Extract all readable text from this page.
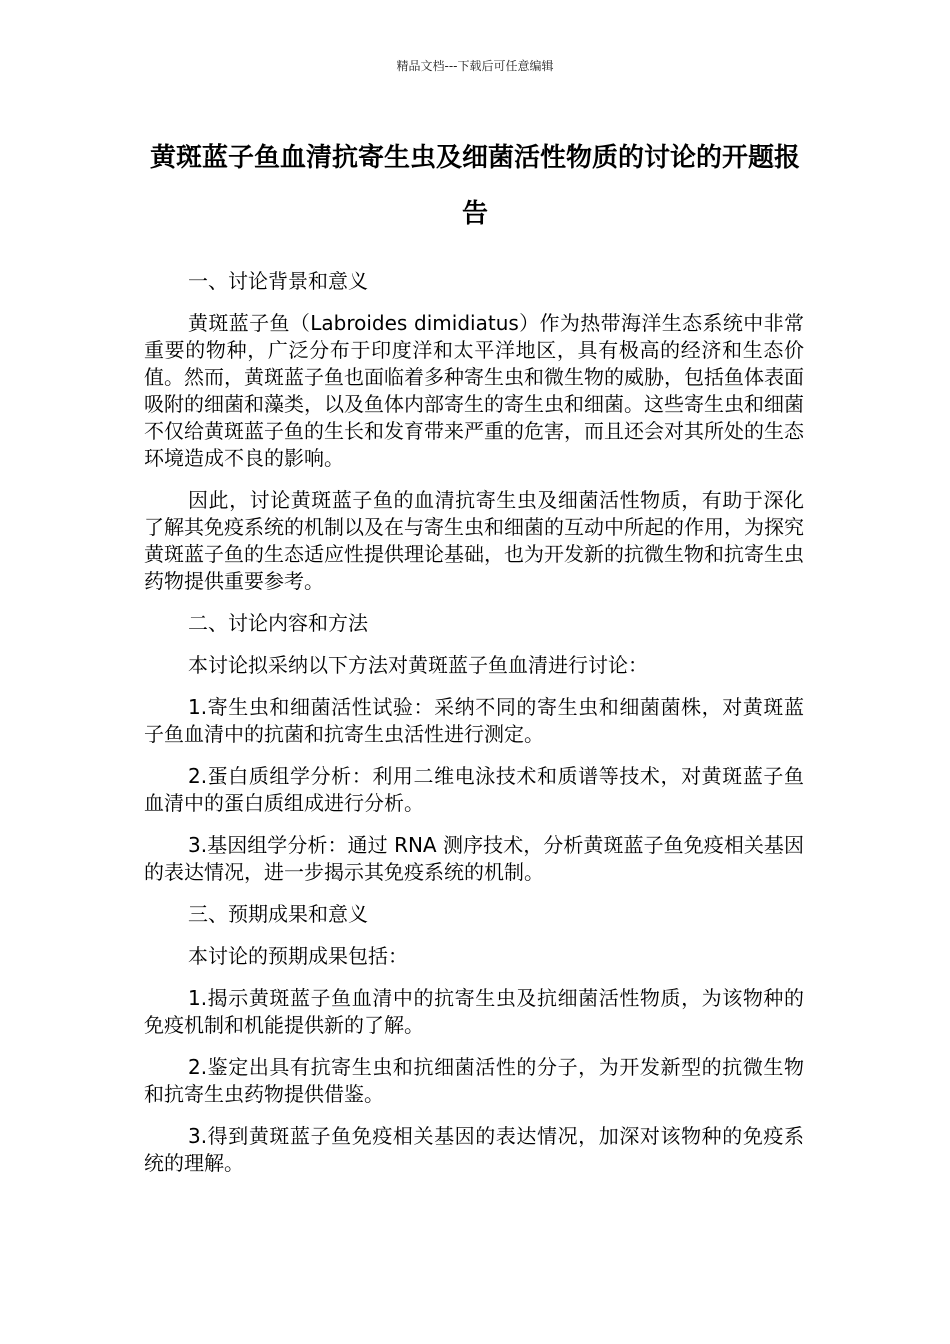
精品文档---下载后可任意编辑
黄斑蓝子鱼血清抗寄生虫及细菌活性物质的讨论的开题报告

一、讨论背景和意义

黄斑蓝子鱼（Labroides dimidiatus）作为热带海洋生态系统中非常重要的物种，广泛分布于印度洋和太平洋地区，具有极高的经济和生态价值。然而，黄斑蓝子鱼也面临着多种寄生虫和微生物的威胁，包括鱼体表面吸附的细菌和藻类，以及鱼体内部寄生的寄生虫和细菌。这些寄生虫和细菌不仅给黄斑蓝子鱼的生长和发育带来严重的危害，而且还会对其所处的生态环境造成不良的影响。

因此，讨论黄斑蓝子鱼的血清抗寄生虫及细菌活性物质，有助于深化了解其免疫系统的机制以及在与寄生虫和细菌的互动中所起的作用，为探究黄斑蓝子鱼的生态适应性提供理论基础，也为开发新的抗微生物和抗寄生虫药物提供重要参考。

二、讨论内容和方法

本讨论拟采纳以下方法对黄斑蓝子鱼血清进行讨论：

1.寄生虫和细菌活性试验：采纳不同的寄生虫和细菌菌株，对黄斑蓝子鱼血清中的抗菌和抗寄生虫活性进行测定。

2.蛋白质组学分析：利用二维电泳技术和质谱等技术，对黄斑蓝子鱼血清中的蛋白质组成进行分析。

3.基因组学分析：通过 RNA 测序技术，分析黄斑蓝子鱼免疫相关基因的表达情况，进一步揭示其免疫系统的机制。

三、预期成果和意义

本讨论的预期成果包括：

1.揭示黄斑蓝子鱼血清中的抗寄生虫及抗细菌活性物质，为该物种的免疫机制和机能提供新的了解。

2.鉴定出具有抗寄生虫和抗细菌活性的分子，为开发新型的抗微生物和抗寄生虫药物提供借鉴。

3.得到黄斑蓝子鱼免疫相关基因的表达情况，加深对该物种的免疫系统的理解。
